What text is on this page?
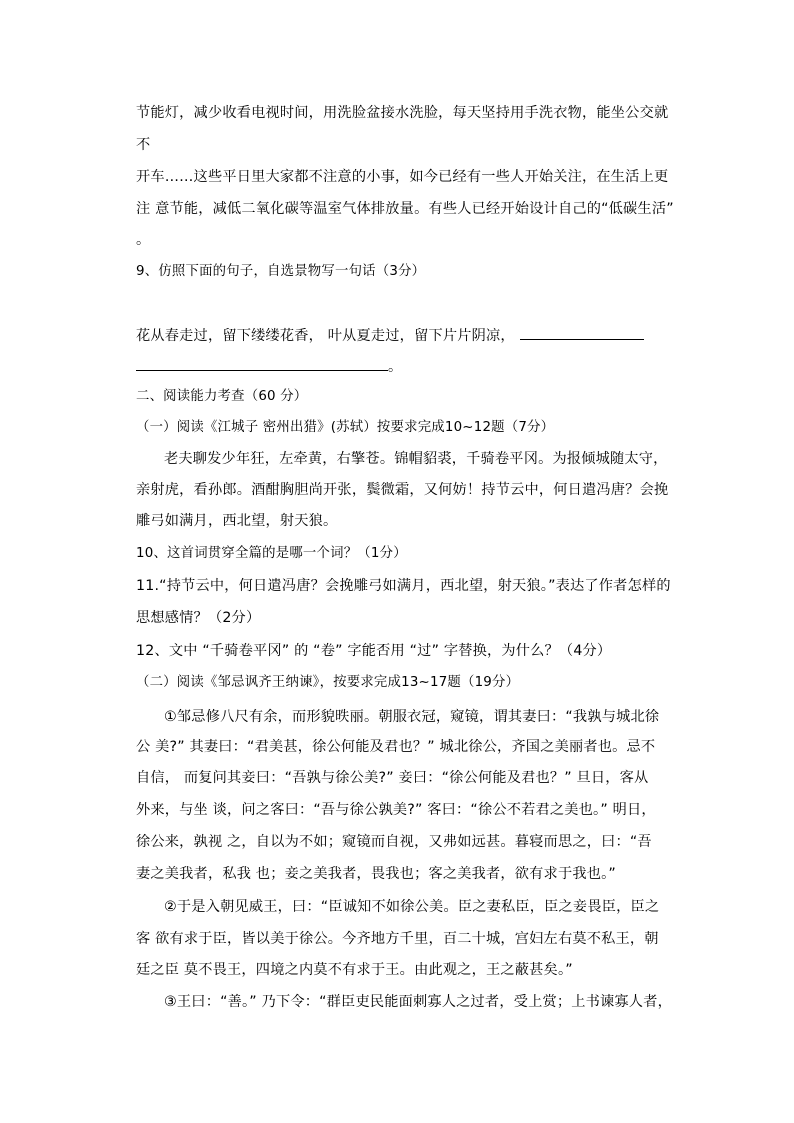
节能灯，减少收看电视时间，用洗脸盆接水洗脸，每天坚持用手洗衣物，能坐公交就
不
开车……这些平日里大家都不注意的小事，如今已经有一些人开始关注，在生活上更
注 意节能，减低二氧化碳等温室气体排放量。有些人已经开始设计自己的“低碳生活”
。
9、仿照下面的句子，自选景物写一句话（3分）
花从春走过，留下缕缕花香， 叶从夏走过，留下片片阴凉，
。
二、阅读能力考查（60 分）
（一）阅读《江城子 密州出猎》(苏轼）按要求完成10~12题（7分）
老夫聊发少年狂，左牵黄，右擎苍。锦帽貂裘，千骑卷平冈。为报倾城随太守，
亲射虎，看孙郎。酒酣胸胆尚开张，鬓微霜，又何妨！持节云中，何日遣冯唐？会挽
雕弓如满月，西北望，射天狼。
10、这首词贯穿全篇的是哪一个词？（1分）
11.“持节云中，何日遣冯唐？会挽雕弓如满月，西北望，射天狼。”表达了作者怎样的
思想感情？（2分）
12、文中 “千骑卷平冈” 的 “卷” 字能否用 “过” 字替换，为什么？（4分）
（二）阅读《邹忌讽齐王纳谏》，按要求完成13~17题（19分）
①邹忌修八尺有余，而形貌昳丽。朝服衣冠，窥镜，谓其妻曰：“我孰与城北徐
公 美?” 其妻曰：“君美甚，徐公何能及君也？” 城北徐公，齐国之美丽者也。忌不
自信， 而复问其妾曰：“吾孰与徐公美?” 妾曰：“徐公何能及君也？” 旦日，客从
外来，与坐 谈，问之客曰：“吾与徐公孰美?” 客曰：“徐公不若君之美也。” 明日，
徐公来，孰视 之，自以为不如；窥镜而自视，又弗如远甚。暮寝而思之，曰：“吾
妻之美我者，私我 也；妾之美我者，畏我也；客之美我者，欲有求于我也。”
②于是入朝见威王，曰：“臣诚知不如徐公美。臣之妻私臣，臣之妾畏臣，臣之
客 欲有求于臣，皆以美于徐公。今齐地方千里，百二十城，宫妇左右莫不私王，朝
廷之臣 莫不畏王，四境之内莫不有求于王。由此观之，王之蔽甚矣。”
③王曰：“善。” 乃下令：“群臣吏民能面刺寡人之过者，受上赏；上书谏寡人者，
